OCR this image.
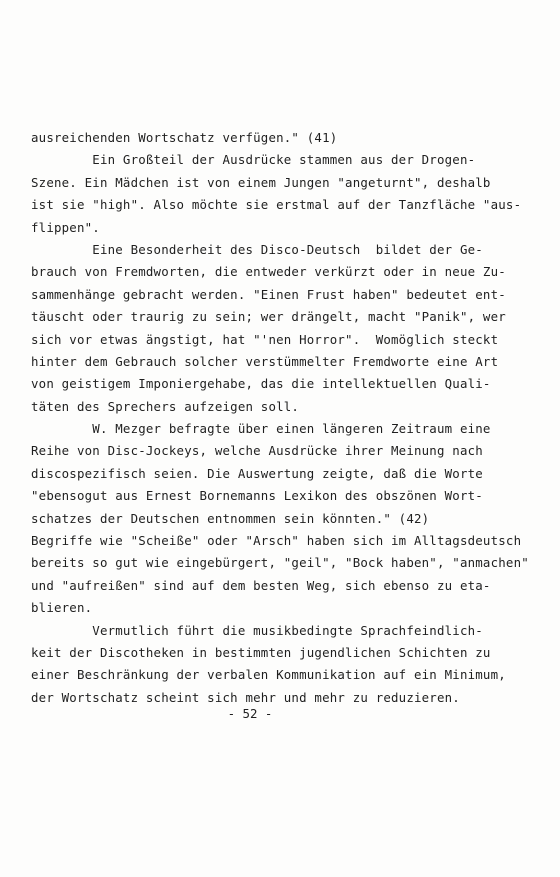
ausreichenden Wortschatz verfügen." (41)
Ein Großteil der Ausdrücke stammen aus der Drogen-
Szene. Ein Mädchen ist von einem Jungen "angeturnt", deshalb
ist sie "high". Also möchte sie erstmal auf der Tanzfläche "aus-
flippen".
Eine Besonderheit des Disco-Deutsch  bildet der Ge-
brauch von Fremdworten, die entweder verkürzt oder in neue Zu-
sammenhänge gebracht werden. "Einen Frust haben" bedeutet ent-
täuscht oder traurig zu sein; wer drängelt, macht "Panik", wer
sich vor etwas ängstigt, hat "'nen Horror".  Womöglich steckt
hinter dem Gebrauch solcher verstümmelter Fremdworte eine Art
von geistigem Imponiergehabe, das die intellektuellen Quali-
täten des Sprechers aufzeigen soll.
W. Mezger befragte über einen längeren Zeitraum eine
Reihe von Disc-Jockeys, welche Ausdrücke ihrer Meinung nach
discospezifisch seien. Die Auswertung zeigte, daß die Worte
"ebensogut aus Ernest Bornemanns Lexikon des obszönen Wort-
schatzes der Deutschen entnommen sein könnten." (42)
Begriffe wie "Scheiße" oder "Arsch" haben sich im Alltagsdeutsch
bereits so gut wie eingebürgert, "geil", "Bock haben", "anmachen"
und "aufreißen" sind auf dem besten Weg, sich ebenso zu eta-
blieren.
Vermutlich führt die musikbedingte Sprachfeindlich-
keit der Discotheken in bestimmten jugendlichen Schichten zu
einer Beschränkung der verbalen Kommunikation auf ein Minimum,
der Wortschatz scheint sich mehr und mehr zu reduzieren.
- 52 -
